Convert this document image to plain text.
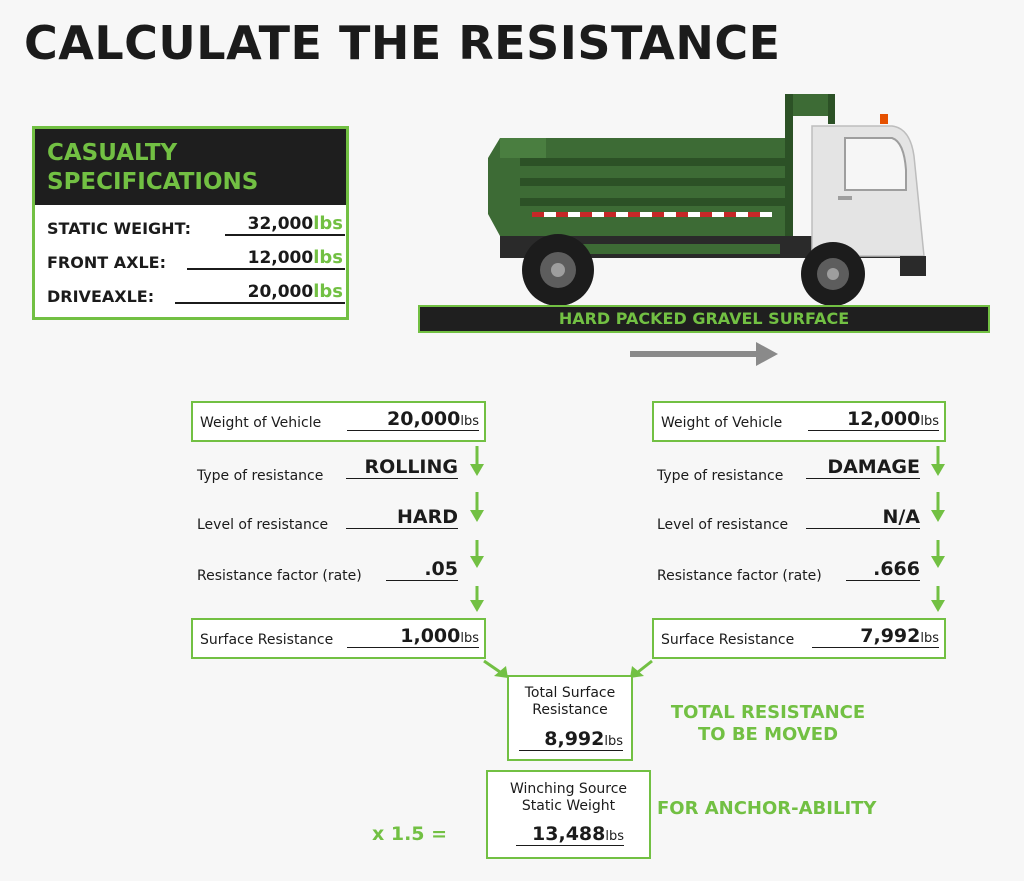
CALCULATE THE RESISTANCE
CASUALTY
SPECIFICATIONS
STATIC WEIGHT:	32,000lbs
FRONT AXLE:	12,000lbs
DRIVEAXLE:	20,000lbs
HARD PACKED GRAVEL SURFACE
Weight of Vehicle	20,000lbs
Type of resistance	ROLLING
Level of resistance	HARD
Resistance factor (rate)	.05
Surface Resistance	1,000lbs
Weight of Vehicle	12,000lbs
Type of resistance	DAMAGE
Level of resistance	N/A
Resistance factor (rate)	.666
Surface Resistance	7,992lbs
Total Surface
Resistance
8,992lbs
TOTAL RESISTANCE
TO BE MOVED
Winching Source
Static Weight
13,488lbs
x 1.5 =
FOR ANCHOR-ABILITY
